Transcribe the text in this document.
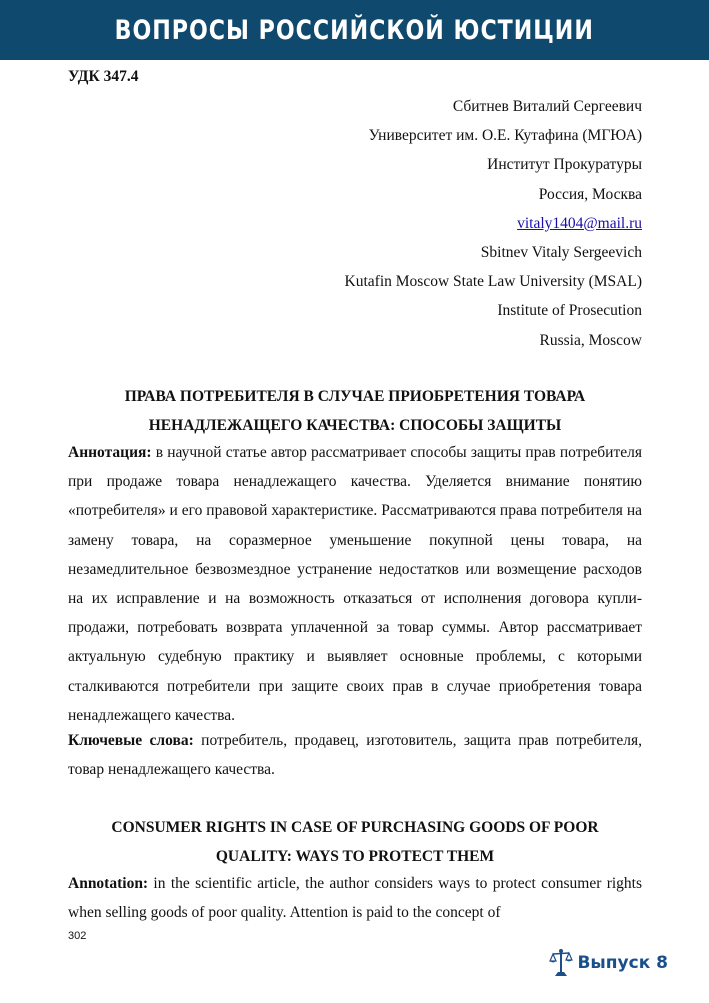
ВОПРОСЫ РОССИЙСКОЙ ЮСТИЦИИ
УДК 347.4
Сбитнев Виталий Сергеевич
Университет им. О.Е. Кутафина (МГЮА)
Институт Прокуратуры
Россия, Москва
vitaly1404@mail.ru
Sbitnev Vitaly Sergeevich
Kutafin Moscow State Law University (MSAL)
Institute of Prosecution
Russia, Moscow
ПРАВА ПОТРЕБИТЕЛЯ В СЛУЧАЕ ПРИОБРЕТЕНИЯ ТОВАРА
НЕНАДЛЕЖАЩЕГО КАЧЕСТВА: СПОСОБЫ ЗАЩИТЫ
Аннотация: в научной статье автор рассматривает способы защиты прав потребителя при продаже товара ненадлежащего качества. Уделяется внимание понятию «потребителя» и его правовой характеристике. Рассматриваются права потребителя на замену товара, на соразмерное уменьшение покупной цены товара, на незамедлительное безвозмездное устранение недостатков или возмещение расходов на их исправление и на возможность отказаться от исполнения договора купли-продажи, потребовать возврата уплаченной за товар суммы. Автор рассматривает актуальную судебную практику и выявляет основные проблемы, с которыми сталкиваются потребители при защите своих прав в случае приобретения товара ненадлежащего качества.
Ключевые слова: потребитель, продавец, изготовитель, защита прав потребителя, товар ненадлежащего качества.
CONSUMER RIGHTS IN CASE OF PURCHASING GOODS OF POOR
QUALITY: WAYS TO PROTECT THEM
Annotation: in the scientific article, the author considers ways to protect consumer rights when selling goods of poor quality. Attention is paid to the concept of
302
Выпуск 8
